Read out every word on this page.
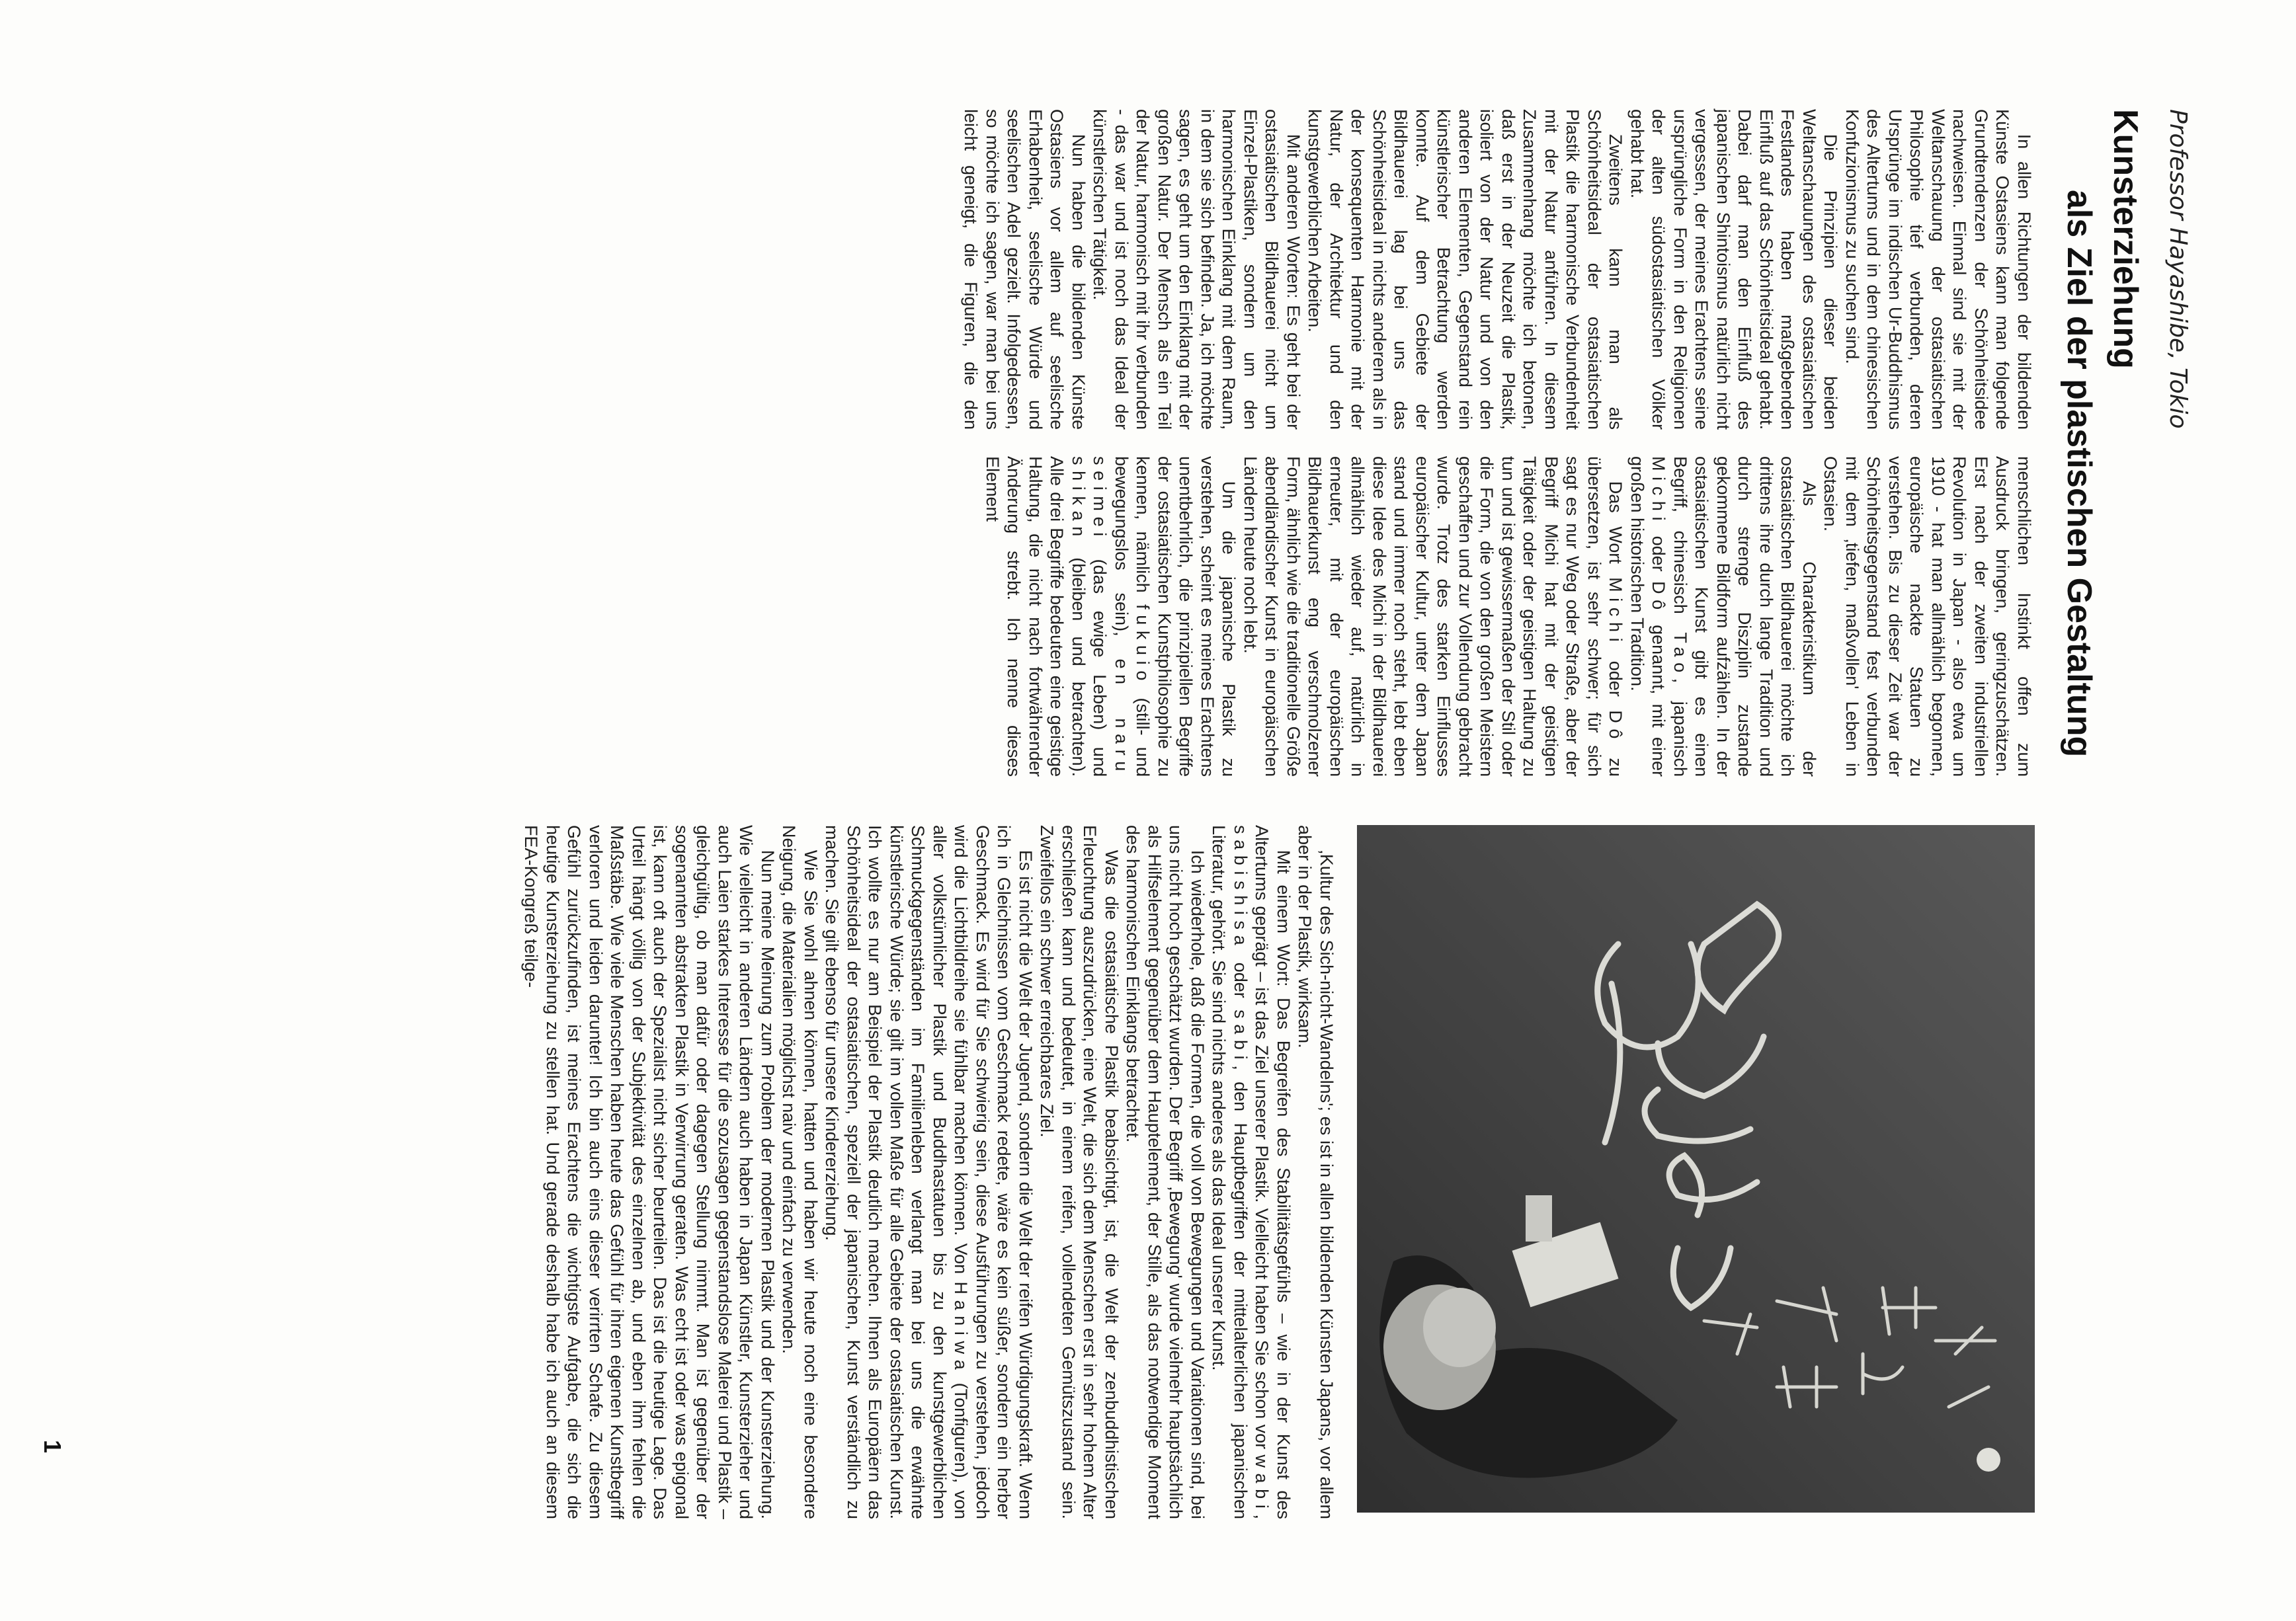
Professor Hayashibe, Tokio
Kunsterziehung
als Ziel der plastischen Gestaltung

In allen Richtungen der bildenden Künste Ostasiens kann man folgende Grundtendenzen der Schönheitsidee nachweisen. Einmal sind sie mit der Weltanschauung der ostasiatischen Philosophie tief verbunden, deren Ursprünge im indischen Ur-Buddhismus des Altertums und in dem chinesischen Konfuzionismus zu suchen sind.

Die Prinzipien dieser beiden Weltanschauungen des ostasiatischen Festlandes haben maßgebenden Einfluß auf das Schönheitsideal gehabt. Dabei darf man den Einfluß des japanischen Shintoismus natürlich nicht vergessen, der meines Erachtens seine ursprüngliche Form in den Religionen der alten südostasiatischen Völker gehabt hat.

Zweitens kann man als Schönheitsideal der ostasiatischen Plastik die harmonische Verbundenheit mit der Natur anführen. In diesem Zusammenhang möchte ich betonen, daß erst in der Neuzeit die Plastik, isoliert von der Natur und von den anderen Elementen, Gegenstand rein künstlerischer Betrachtung werden konnte. Auf dem Gebiete der Bildhauerei lag bei uns das Schönheitsideal in nichts anderem als in der konsequenten Harmonie mit der Natur, der Architektur und den kunstgewerblichen Arbeiten.

Mit anderen Worten: Es geht bei der ostasiatischen Bildhauerei nicht um Einzel-Plastiken, sondern um den harmonischen Einklang mit dem Raum, in dem sie sich befinden. Ja, ich möchte sagen, es geht um den Einklang mit der großen Natur. Der Mensch als ein Teil der Natur, harmonisch mit ihr verbunden - das war und ist noch das Ideal der künstlerischen Tätigkeit.

Nun haben die bildenden Künste Ostasiens vor allem auf seelische Erhabenheit, seelische Würde und seelischen Adel gezielt. Infolgedessen, so möchte ich sagen, war man bei uns leicht geneigt, die Figuren, die den menschlichen Instinkt offen zum Ausdruck bringen, geringzuschätzen. Erst nach der zweiten industriellen Revolution in Japan - also etwa um 1910 - hat man allmählich begonnen, europäische nackte Statuen zu verstehen. Bis zu dieser Zeit war der Schönheitsgegenstand fest verbunden mit dem ‚tiefen, maßvollen' Leben in Ostasien.

Als Charakteristikum der ostasiatischen Bildhauerei möchte ich drittens ihre durch lange Tradition und durch strenge Disziplin zustande gekommene Bildform aufzählen. In der ostasiatischen Kunst gibt es einen Begriff, chinesisch Tao, japanisch Michi oder Dô genannt, mit einer großen historischen Tradition.

Das Wort Michi oder Dô zu übersetzen, ist sehr schwer; für sich sagt es nur Weg oder Straße, aber der Begriff Michi hat mit der geistigen Tätigkeit oder der geistigen Haltung zu tun und ist gewissermaßen der Stil oder die Form, die von den großen Meistern geschaffen und zur Vollendung gebracht wurde. Trotz des starken Einflusses europäischer Kultur, unter dem Japan stand und immer noch steht, lebt eben diese Idee des Michi in der Bildhauerei allmählich wieder auf, natürlich in erneuter, mit der europäischen Bildhauerkunst eng verschmolzener Form, ähnlich wie die traditionelle Größe abendländischer Kunst in europäischen Ländern heute noch lebt.

Um die japanische Plastik zu verstehen, scheint es meines Erachtens unentbehrlich, die prinzipiellen Begriffe der ostasiatischen Kunstphilosophie zu kennen, nämlich fukuio (still- und bewegungslos sein), en naru seimei (das ewige Leben) und shikan (bleiben und betrachten). Alle drei Begriffe bedeuten eine geistige Haltung, die nicht nach fortwährender Änderung strebt. Ich nenne dieses Element

‚Kultur des Sich-nicht-Wandelns'; es ist in allen bildenden Künsten Japans, vor allem aber in der Plastik, wirksam.

Mit einem Wort: Das Begreifen des Stabilitätsgefühls – wie in der Kunst des Altertums geprägt – ist das Ziel unserer Plastik. Vielleicht haben Sie schon vor wabi, sabishisa oder sabi, den Hauptbegriffen der mittelalterlichen japanischen Literatur, gehört. Sie sind nichts anderes als das Ideal unserer Kunst.

Ich wiederhole, daß die Formen, die voll von Bewegungen und Variationen sind, bei uns nicht hoch geschätzt wurden. Der Begriff ‚Bewegung' wurde vielmehr hauptsächlich als Hilfselement gegenüber dem Hauptelement, der Stille, als das notwendige Moment des harmonischen Einklangs betrachtet.

Was die ostasiatische Plastik beabsichtigt, ist, die Welt der zenbuddhistischen Erleuchtung auszudrücken, eine Welt, die sich dem Menschen erst in sehr hohem Alter erschließen kann und bedeutet, in einem reifen, vollendeten Gemütszustand sein. Zweifellos ein schwer erreichbares Ziel.

Es ist nicht die Welt der Jugend, sondern die Welt der reifen Würdigungskraft. Wenn ich in Gleichnissen vom Geschmack redete, wäre es kein süßer, sondern ein herber Geschmack. Es wird für Sie schwierig sein, diese Ausführungen zu verstehen, jedoch wird die Lichtbildreihe sie fühlbar machen können. Von Haniwa (Tonfiguren), von aller volkstümlicher Plastik und Buddhastatuen bis zu den kunstgewerblichen Schmuckgegenständen im Familienleben verlangt man bei uns die erwähnte künstlerische Würde; sie gilt im vollen Maße für alle Gebiete der ostasiatischen Kunst. Ich wollte es nur am Beispiel der Plastik deutlich machen. Ihnen als Europäern das Schönheitsideal der ostasiatischen, speziell der japanischen, Kunst verständlich zu machen. Sie gilt ebenso für unsere Kindererziehung.

Wie Sie wohl ahnen können, hatten und haben wir heute noch eine besondere Neigung, die Materialien möglichst naiv und einfach zu verwenden.

Nun meine Meinung zum Problem der modernen Plastik und der Kunsterziehung. Wie vielleicht in anderen Ländern auch haben in Japan Künstler, Kunsterzieher und auch Laien starkes Interesse für die sozusagen gegenstandslose Malerei und Plastik – gleichgültig, ob man dafür oder dagegen Stellung nimmt. Man ist gegenüber der sogenannten abstrakten Plastik in Verwirrung geraten. Was echt ist oder was epigonal ist, kann oft auch der Spezialist nicht sicher beurteilen. Das ist die heutige Lage. Das Urteil hängt völlig von der Subjektivität des einzelnen ab, und eben ihm fehlen die Maßstäbe. Wie viele Menschen haben heute das Gefühl für ihren eigenen Kunstbegriff verloren und leiden darunter! Ich bin auch eins dieser verirrten Schafe. Zu diesem Gefühl zurückzufinden, ist meines Erachtens die wichtigste Aufgabe, die sich die heutige Kunsterziehung zu stellen hat. Und gerade deshalb habe ich auch an diesem FEA-Kongreß teilge-

1
